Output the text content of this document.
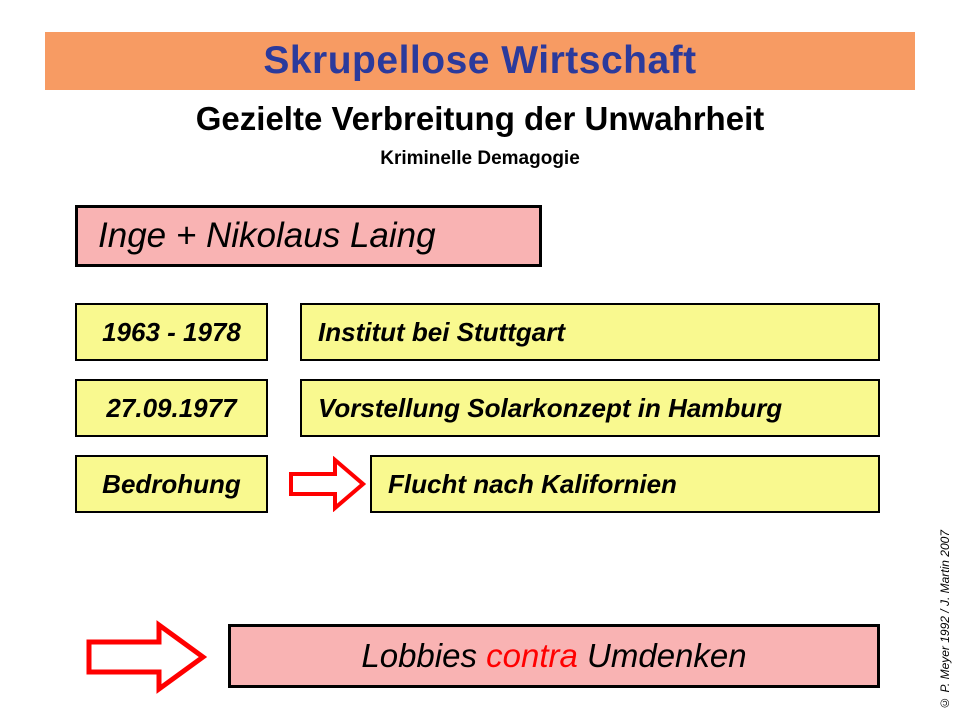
Skrupellose Wirtschaft
Gezielte Verbreitung der Unwahrheit
Kriminelle Demagogie
Inge + Nikolaus Laing
1963 - 1978	Institut bei Stuttgart
27.09.1977	Vorstellung Solarkonzept in Hamburg
Bedrohung	Flucht nach Kalifornien
Lobbies contra Umdenken	© P. Meyer 1992 / J. Martin 2007
